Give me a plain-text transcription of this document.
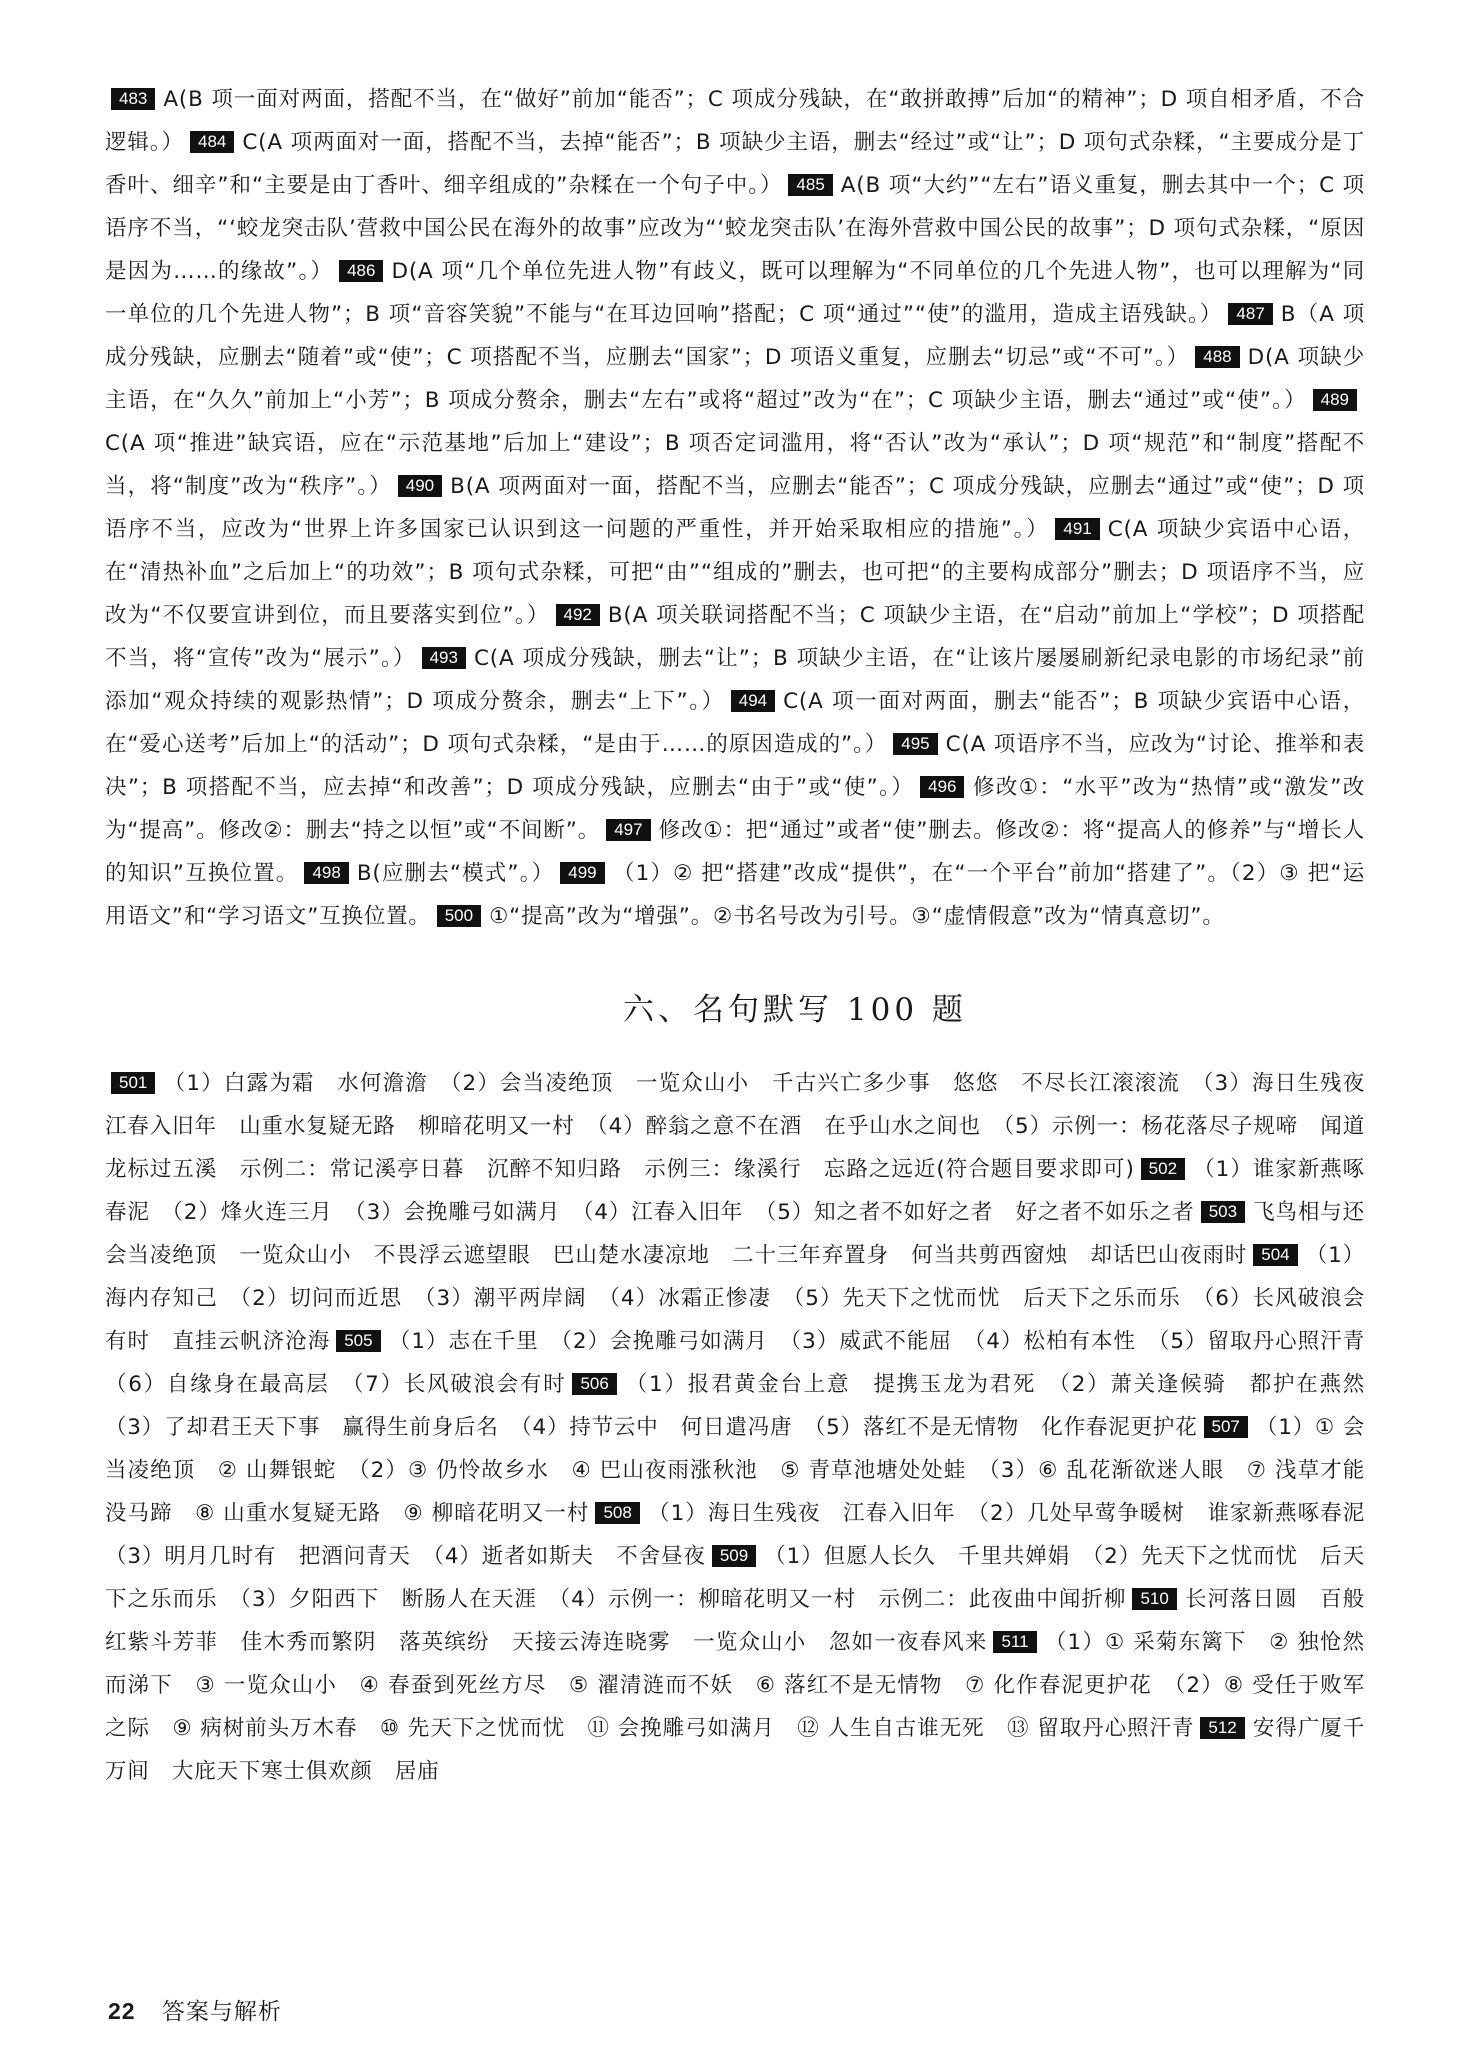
483 A(B 项一面对两面，搭配不当，在“做好”前加“能否”；C 项成分残缺，在“敢拼敢搏”后加“的精神”；D 项自相矛盾，不合逻辑。） 484 C(A 项两面对一面，搭配不当，去掉“能否”；B 项缺少主语，删去“经过”或“让”；D 项句式杂糅，“主要成分是丁香叶、细辛”和“主要是由丁香叶、细辛组成的”杂糅在一个句子中。） 485 A(B 项“大约”“左右”语义重复，删去其中一个；C 项语序不当，“‘蛟龙突击队’营救中国公民在海外的故事”应改为“‘蛟龙突击队’在海外营救中国公民的故事”；D 项句式杂糅，“原因是因为……的缘故”。） 486 D(A 项“几个单位先进人物”有歧义，既可以理解为“不同单位的几个先进人物”，也可以理解为“同一单位的几个先进人物”；B 项“音容笑貌”不能与“在耳边回响”搭配；C 项“通过”“使”的滥用，造成主语残缺。） 487 B（A 项成分残缺，应删去“随着”或“使”；C 项搭配不当，应删去“国家”；D 项语义重复，应删去“切忌”或“不可”。） 488 D(A 项缺少主语，在“久久”前加上“小芳”；B 项成分赘余，删去“左右”或将“超过”改为“在”；C 项缺少主语，删去“通过”或“使”。） 489C(A 项“推进”缺宾语，应在“示范基地”后加上“建设”；B 项否定词滥用，将“否认”改为“承认”；D 项“规范”和“制度”搭配不当，将“制度”改为“秩序”。） 490 B(A 项两面对一面，搭配不当，应删去“能否”；C 项成分残缺，应删去“通过”或“使”；D 项语序不当，应改为“世界上许多国家已认识到这一问题的严重性，并开始采取相应的措施”。） 491 C(A 项缺少宾语中心语，在“清热补血”之后加上“的功效”；B 项句式杂糅，可把“由”“组成的”删去，也可把“的主要构成部分”删去；D 项语序不当，应改为“不仅要宣讲到位，而且要落实到位”。） 492 B(A 项关联词搭配不当；C 项缺少主语，在“启动”前加上“学校”；D 项搭配不当，将“宣传”改为“展示”。） 493 C(A 项成分残缺，删去“让”；B 项缺少主语，在“让该片屡屡刷新纪录电影的市场纪录”前添加“观众持续的观影热情”；D 项成分赘余，删去“上下”。） 494 C(A 项一面对两面，删去“能否”；B 项缺少宾语中心语，在“爱心送考”后加上“的活动”；D 项句式杂糅，“是由于……的原因造成的”。） 495 C(A 项语序不当，应改为“讨论、推举和表决”；B 项搭配不当，应去掉“和改善”；D 项成分残缺，应删去“由于”或“使”。） 496 修改①：“水平”改为“热情”或“激发”改为“提高”。修改②：删去“持之以恒”或“不间断”。 497 修改①：把“通过”或者“使”删去。修改②：将“提高人的修养”与“增长人的知识”互换位置。 498 B(应删去“模式”。） 499 （1）② 把“搭建”改成“提供”，在“一个平台”前加“搭建了”。（2）③ 把“运用语文”和“学习语文”互换位置。 500 ①“提高”改为“增强”。②书名号改为引号。③“虚情假意”改为“情真意切”。

六、名句默写 100 题

501 （1）白露为霜　水何澹澹　（2）会当凌绝顶　一览众山小　千古兴亡多少事　悠悠　不尽长江滚滚流　（3）海日生残夜　江春入旧年　山重水复疑无路　柳暗花明又一村　（4）醉翁之意不在酒　在乎山水之间也　（5）示例一：杨花落尽子规啼　闻道龙标过五溪　示例二：常记溪亭日暮　沉醉不知归路　示例三：缘溪行　忘路之远近(符合题目要求即可) 502 （1）谁家新燕啄春泥　（2）烽火连三月　（3）会挽雕弓如满月　（4）江春入旧年　（5）知之者不如好之者　好之者不如乐之者 503 飞鸟相与还　会当凌绝顶　一览众山小　不畏浮云遮望眼　巴山楚水凄凉地　二十三年弃置身　何当共剪西窗烛　却话巴山夜雨时 504 （1）海内存知己　（2）切问而近思　（3）潮平两岸阔　（4）冰霜正惨凄　（5）先天下之忧而忧　后天下之乐而乐　（6）长风破浪会有时　直挂云帆济沧海 505 （1）志在千里　（2）会挽雕弓如满月　（3）威武不能屈　（4）松柏有本性　（5）留取丹心照汗青　（6）自缘身在最高层　（7）长风破浪会有时 506 （1）报君黄金台上意　提携玉龙为君死　（2）萧关逢候骑　都护在燕然　（3）了却君王天下事　赢得生前身后名　（4）持节云中　何日遣冯唐　（5）落红不是无情物　化作春泥更护花 507 （1）① 会当凌绝顶　② 山舞银蛇　（2）③ 仍怜故乡水　④ 巴山夜雨涨秋池　⑤ 青草池塘处处蛙　（3）⑥ 乱花渐欲迷人眼　⑦ 浅草才能没马蹄　⑧ 山重水复疑无路　⑨ 柳暗花明又一村 508 （1）海日生残夜　江春入旧年　（2）几处早莺争暖树　谁家新燕啄春泥　（3）明月几时有　把酒问青天　（4）逝者如斯夫　不舍昼夜 509 （1）但愿人长久　千里共婵娟　（2）先天下之忧而忧　后天下之乐而乐　（3）夕阳西下　断肠人在天涯　（4）示例一：柳暗花明又一村　示例二：此夜曲中闻折柳 510 长河落日圆　百般红紫斗芳菲　佳木秀而繁阴　落英缤纷　天接云涛连晓雾　一览众山小　忽如一夜春风来 511 （1）① 采菊东篱下　② 独怆然而涕下　③ 一览众山小　④ 春蚕到死丝方尽　⑤ 濯清涟而不妖　⑥ 落红不是无情物　⑦ 化作春泥更护花　（2）⑧ 受任于败军之际　⑨ 病树前头万木春　⑩ 先天下之忧而忧　⑪ 会挽雕弓如满月　⑫ 人生自古谁无死　⑬ 留取丹心照汗青 512 安得广厦千万间　大庇天下寒士俱欢颜　居庙

22 答案与解析
